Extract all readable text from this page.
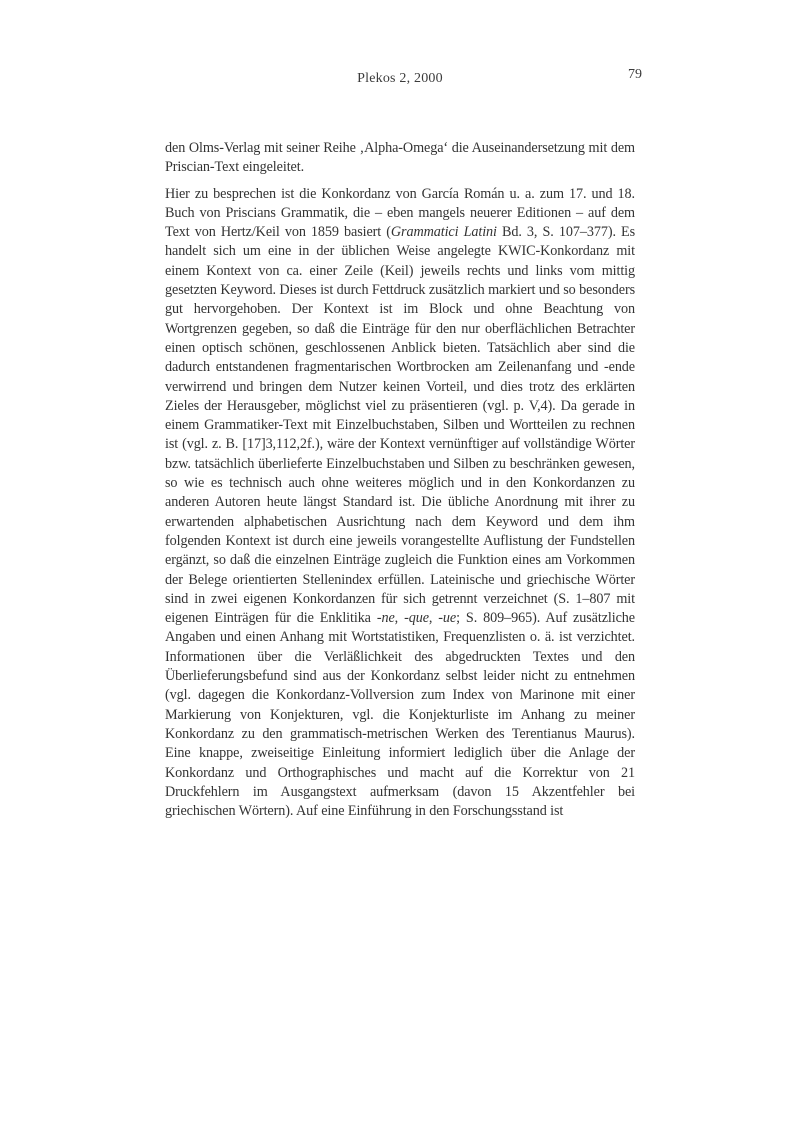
Plekos 2, 2000	79

den Olms-Verlag mit seiner Reihe ‚Alpha-Omega‘ die Auseinandersetzung mit dem Priscian-Text eingeleitet.

Hier zu besprechen ist die Konkordanz von García Román u. a. zum 17. und 18. Buch von Priscians Grammatik, die – eben mangels neuerer Editionen – auf dem Text von Hertz/Keil von 1859 basiert (Grammatici Latini Bd. 3, S. 107–377). Es handelt sich um eine in der üblichen Weise angelegte KWIC-Konkordanz mit einem Kontext von ca. einer Zeile (Keil) jeweils rechts und links vom mittig gesetzten Keyword. Dieses ist durch Fettdruck zusätzlich markiert und so besonders gut hervorgehoben. Der Kontext ist im Block und ohne Beachtung von Wortgrenzen gegeben, so daß die Einträge für den nur oberflächlichen Betrachter einen optisch schönen, geschlossenen Anblick bieten. Tatsächlich aber sind die dadurch entstandenen fragmentarischen Wortbrocken am Zeilenanfang und -ende verwirrend und bringen dem Nutzer keinen Vorteil, und dies trotz des erklärten Zieles der Herausgeber, möglichst viel zu präsentieren (vgl. p. V,4). Da gerade in einem Grammatiker-Text mit Einzelbuchstaben, Silben und Wortteilen zu rechnen ist (vgl. z. B. [17]3,112,2f.), wäre der Kontext vernünftiger auf vollständige Wörter bzw. tatsächlich überlieferte Einzelbuchstaben und Silben zu beschränken gewesen, so wie es technisch auch ohne weiteres möglich und in den Konkordanzen zu anderen Autoren heute längst Standard ist. Die übliche Anordnung mit ihrer zu erwartenden alphabetischen Ausrichtung nach dem Keyword und dem ihm folgenden Kontext ist durch eine jeweils vorangestellte Auflistung der Fundstellen ergänzt, so daß die einzelnen Einträge zugleich die Funktion eines am Vorkommen der Belege orientierten Stellenindex erfüllen. Lateinische und griechische Wörter sind in zwei eigenen Konkordanzen für sich getrennt verzeichnet (S. 1–807 mit eigenen Einträgen für die Enklitika -ne, -que, -ue; S. 809–965). Auf zusätzliche Angaben und einen Anhang mit Wortstatistiken, Frequenzlisten o. ä. ist verzichtet. Informationen über die Verläßlichkeit des abgedruckten Textes und den Überlieferungsbefund sind aus der Konkordanz selbst leider nicht zu entnehmen (vgl. dagegen die Konkordanz-Vollversion zum Index von Marinone mit einer Markierung von Konjekturen, vgl. die Konjekturliste im Anhang zu meiner Konkordanz zu den grammatisch-metrischen Werken des Terentianus Maurus). Eine knappe, zweiseitige Einleitung informiert lediglich über die Anlage der Konkordanz und Orthographisches und macht auf die Korrektur von 21 Druckfehlern im Ausgangstext aufmerksam (davon 15 Akzentfehler bei griechischen Wörtern). Auf eine Einführung in den Forschungsstand ist
